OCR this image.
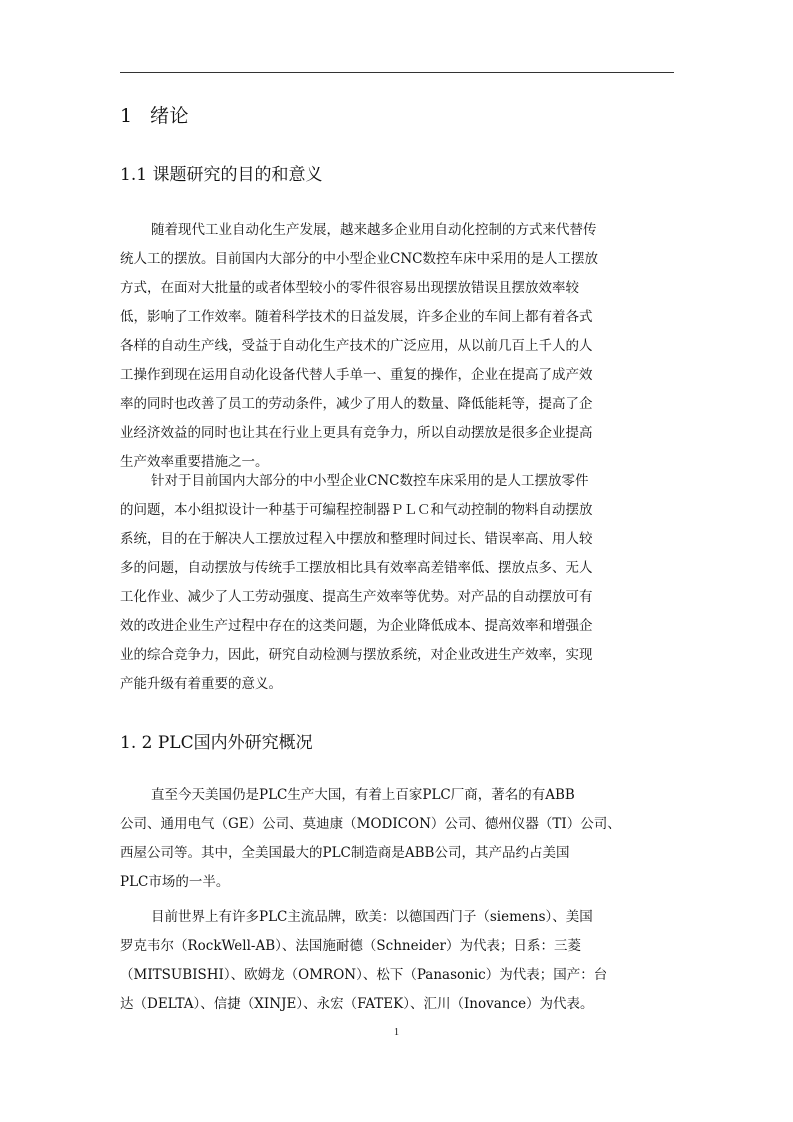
1 绪论
1.1 课题研究的目的和意义
随着现代工业自动化生产发展，越来越多企业用自动化控制的方式来代替传
统人工的摆放。目前国内大部分的中小型企业CNC数控车床中采用的是人工摆放
方式，在面对大批量的或者体型较小的零件很容易出现摆放错误且摆放效率较
低，影响了工作效率。随着科学技术的日益发展，许多企业的车间上都有着各式
各样的自动生产线，受益于自动化生产技术的广泛应用，从以前几百上千人的人
工操作到现在运用自动化设备代替人手单一、重复的操作，企业在提高了成产效
率的同时也改善了员工的劳动条件，减少了用人的数量、降低能耗等，提高了企
业经济效益的同时也让其在行业上更具有竞争力，所以自动摆放是很多企业提高
生产效率重要措施之一。
针对于目前国内大部分的中小型企业CNC数控车床采用的是人工摆放零件
的问题，本小组拟设计一种基于可编程控制器ＰＬＣ和气动控制的物料自动摆放
系统，目的在于解决人工摆放过程入中摆放和整理时间过长、错误率高、用人较
多的问题，自动摆放与传统手工摆放相比具有效率高差错率低、摆放点多、无人
工化作业、减少了人工劳动强度、提高生产效率等优势。对产品的自动摆放可有
效的改进企业生产过程中存在的这类问题，为企业降低成本、提高效率和增强企
业的综合竞争力，因此，研究自动检测与摆放系统，对企业改进生产效率，实现
产能升级有着重要的意义。
1. 2 PLC国内外研究概况
直至今天美国仍是PLC生产大国，有着上百家PLC厂商，著名的有ABB
公司、通用电气（GE）公司、莫迪康（MODICON）公司、德州仪器（TI）公司、
西屋公司等。其中，全美国最大的PLC制造商是ABB公司，其产品约占美国
PLC市场的一半。
目前世界上有许多PLC主流品牌，欧美：以德国西门子（siemens）、美国
罗克韦尔（RockWell-AB）、法国施耐德（Schneider）为代表；日系：三菱
（MITSUBISHI）、欧姆龙（OMRON）、松下（Panasonic）为代表；国产：台
达（DELTA）、信捷（XINJE）、永宏（FATEK）、汇川（Inovance）为代表。
1
